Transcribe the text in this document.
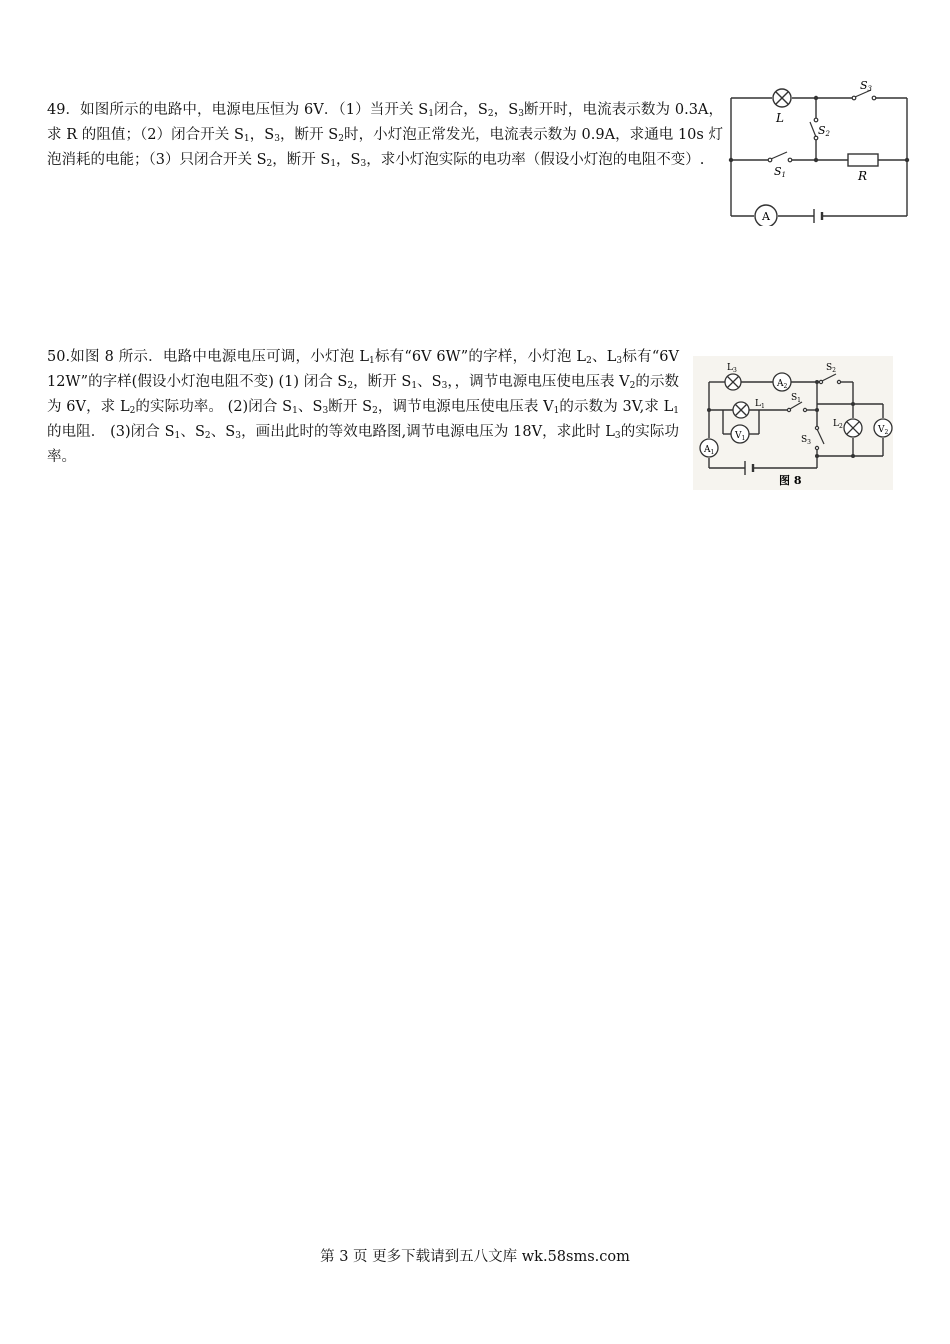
49．如图所示的电路中，电源电压恒为 6V．（1）当开关 $S_1$闭合，$S_2$，$S_3$断开时，电流表示数为 0.3A，求 R 的阻值；（2）闭合开关 $S_1$，$S_3$，断开 $S_2$时，小灯泡正常发光，电流表示数为 0.9A，求通电 10s 灯泡消耗的电能；（3）只闭合开关 $S_2$，断开 $S_1$，$S_3$，求小灯泡实际的电功率（假设小灯泡的电阻不变）.
A
L
S3
S2
S1	R
50.如图 8 所示．电路中电源电压可调，小灯泡 $L_1$标有“6V 6W”的字样，小灯泡 $L_2$、$L_3$标有“6V 12W”的字样(假设小灯泡电阻不变) (1) 闭合 $S_2$，断开 $S_1$、$S_3$，，调节电源电压使电压表 $V_2$的示数为 6V，求 $L_2$的实际功率。 (2)闭合 $S_1$、$S_3$断开 $S_2$，调节电源电压使电压表 $V_1$的示数为 3V,求 $L_1$的电阻． (3)闭合 $S_1$、$S_2$、$S_3$，画出此时的等效电路图,调节电源电压为 18V，求此时 $L_3$的实际功率。
$L_3$
$A_2$
$S_2$
$L_1$
$V_1$
$S_1$
$S_3$
$L_2$	$V_2$
$A_1$
图 8
第 3 页 更多下载请到五八文库 wk.58sms.com
